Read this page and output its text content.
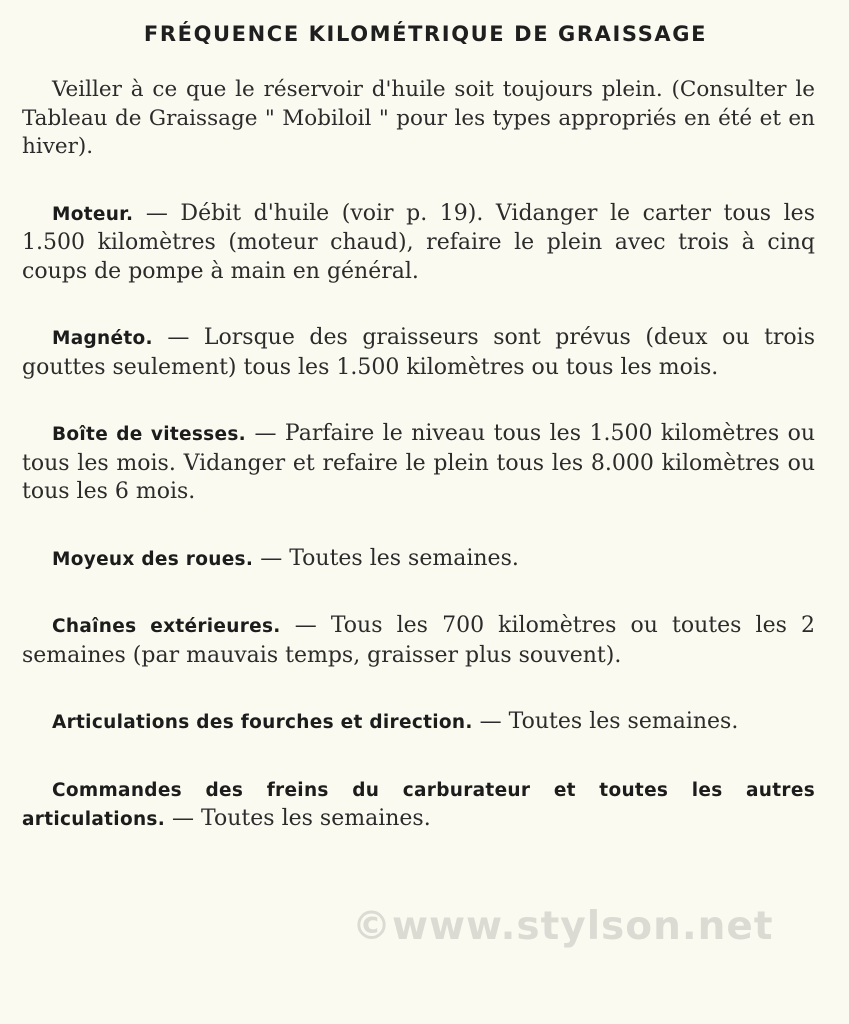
FRÉQUENCE KILOMÉTRIQUE DE GRAISSAGE

Veiller à ce que le réservoir d'huile soit toujours plein. (Consulter le Tableau de Graissage " Mobiloil " pour les types appropriés en été et en hiver).

Moteur. — Débit d'huile (voir p. 19). Vidanger le carter tous les 1.500 kilomètres (moteur chaud), refaire le plein avec trois à cinq coups de pompe à main en général.

Magnéto. — Lorsque des graisseurs sont prévus (deux ou trois gouttes seulement) tous les 1.500 kilomètres ou tous les mois.

Boîte de vitesses. — Parfaire le niveau tous les 1.500 kilomètres ou tous les mois. Vidanger et refaire le plein tous les 8.000 kilomètres ou tous les 6 mois.

Moyeux des roues. — Toutes les semaines.

Chaînes extérieures. — Tous les 700 kilomètres ou toutes les 2 semaines (par mauvais temps, graisser plus souvent).

Articulations des fourches et direction. — Toutes les semaines.

Commandes des freins du carburateur et toutes les autres articulations. — Toutes les semaines.

©www.stylson.net
